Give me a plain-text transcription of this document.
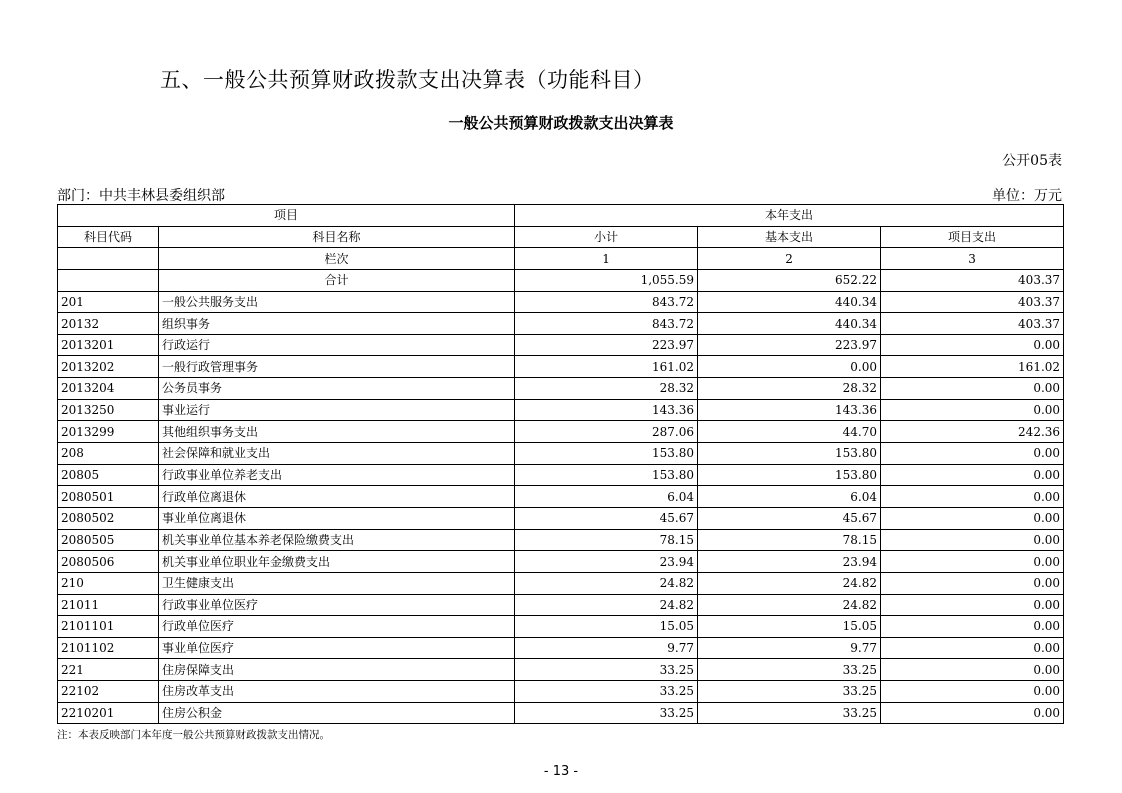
五、一般公共预算财政拨款支出决算表（功能科目）
一般公共预算财政拨款支出决算表
公开05表
部门：中共丰林县委组织部	单位：万元
项目		本年支出		
科目代码	科目名称	小计	基本支出	项目支出
	栏次	1	2	3
	合计	1,055.59	652.22	403.37
201	一般公共服务支出	843.72	440.34	403.37
20132	组织事务	843.72	440.34	403.37
2013201	行政运行	223.97	223.97	0.00
2013202	一般行政管理事务	161.02	0.00	161.02
2013204	公务员事务	28.32	28.32	0.00
2013250	事业运行	143.36	143.36	0.00
2013299	其他组织事务支出	287.06	44.70	242.36
208	社会保障和就业支出	153.80	153.80	0.00
20805	行政事业单位养老支出	153.80	153.80	0.00
2080501	行政单位离退休	6.04	6.04	0.00
2080502	事业单位离退休	45.67	45.67	0.00
2080505	机关事业单位基本养老保险缴费支出	78.15	78.15	0.00
2080506	机关事业单位职业年金缴费支出	23.94	23.94	0.00
210	卫生健康支出	24.82	24.82	0.00
21011	行政事业单位医疗	24.82	24.82	0.00
2101101	行政单位医疗	15.05	15.05	0.00
2101102	事业单位医疗	9.77	9.77	0.00
221	住房保障支出	33.25	33.25	0.00
22102	住房改革支出	33.25	33.25	0.00
2210201	住房公积金	33.25	33.25	0.00
注：本表反映部门本年度一般公共预算财政拨款支出情况。
- 13 -
